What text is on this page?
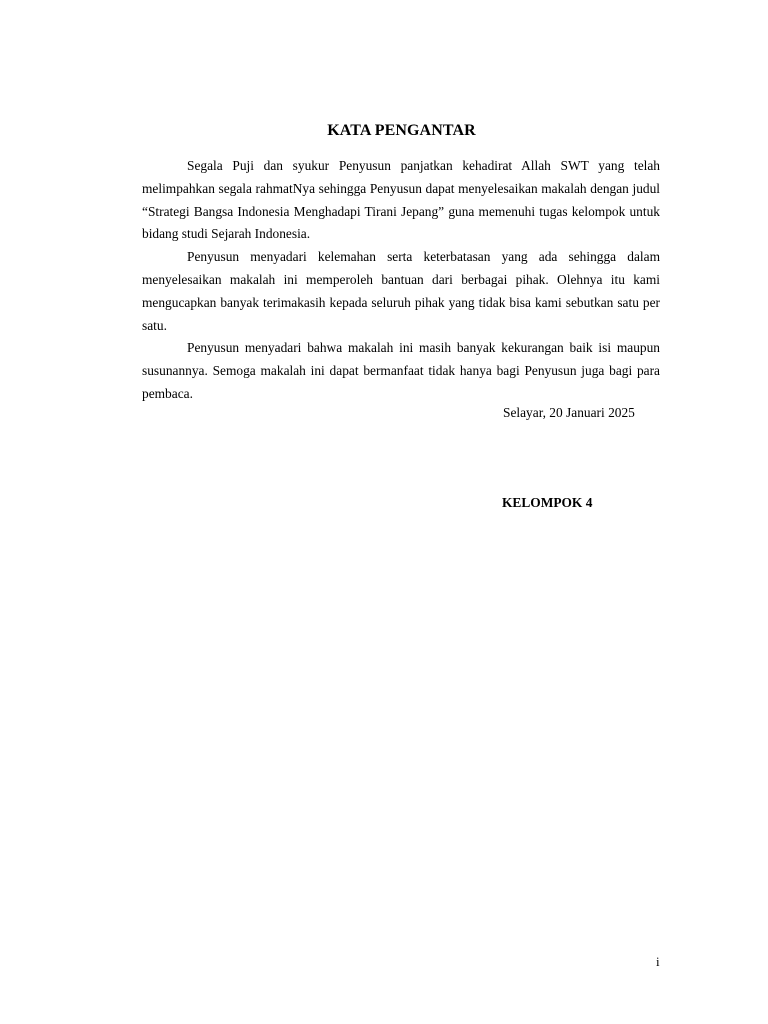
KATA PENGANTAR

Segala Puji dan syukur Penyusun panjatkan kehadirat Allah SWT yang telah melimpahkan segala rahmatNya sehingga Penyusun dapat menyelesaikan makalah dengan judul “Strategi Bangsa Indonesia Menghadapi Tirani Jepang” guna memenuhi tugas kelompok untuk bidang studi Sejarah Indonesia.

Penyusun menyadari kelemahan serta keterbatasan yang ada sehingga dalam menyelesaikan makalah ini memperoleh bantuan dari berbagai pihak. Olehnya itu kami mengucapkan banyak terimakasih kepada seluruh pihak yang tidak bisa kami sebutkan satu per satu.

Penyusun menyadari bahwa makalah ini masih banyak kekurangan baik isi maupun susunannya. Semoga makalah ini dapat bermanfaat tidak hanya bagi Penyusun juga bagi para pembaca.

Selayar, 20 Januari 2025

KELOMPOK 4

i
